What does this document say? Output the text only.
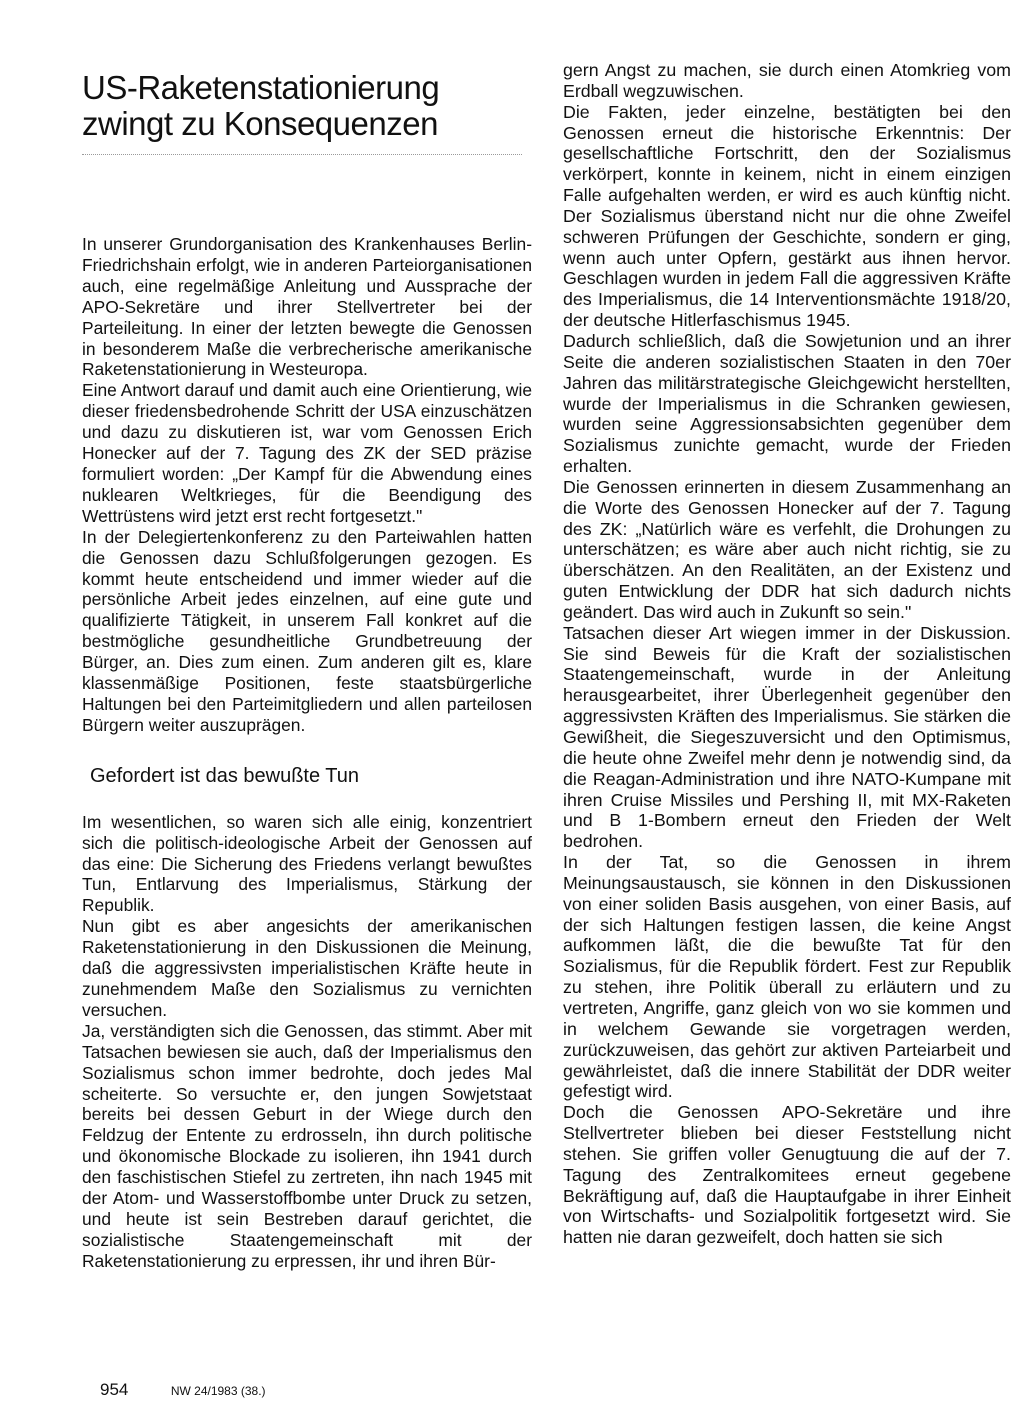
US-Raketenstationierung
zwingt zu Konsequenzen

In unserer Grundorganisation des Krankenhauses Berlin-Friedrichshain erfolgt, wie in anderen Parteiorganisationen auch, eine regelmäßige Anleitung und Aussprache der APO-Sekretäre und ihrer Stellvertreter bei der Parteileitung. In einer der letzten bewegte die Genossen in besonderem Maße die verbrecherische amerikanische Raketenstationierung in Westeuropa.

Eine Antwort darauf und damit auch eine Orientierung, wie dieser friedensbedrohende Schritt der USA einzuschätzen und dazu zu diskutieren ist, war vom Genossen Erich Honecker auf der 7. Tagung des ZK der SED präzise formuliert worden: „Der Kampf für die Abwendung eines nuklearen Weltkrieges, für die Beendigung des Wettrüstens wird jetzt erst recht fortgesetzt."

In der Delegiertenkonferenz zu den Parteiwahlen hatten die Genossen dazu Schlußfolgerungen gezogen. Es kommt heute entscheidend und immer wieder auf die persönliche Arbeit jedes einzelnen, auf eine gute und qualifizierte Tätigkeit, in unserem Fall konkret auf die bestmögliche gesundheitliche Grundbetreuung der Bürger, an. Dies zum einen. Zum anderen gilt es, klare klassenmäßige Positionen, feste staatsbürgerliche Haltungen bei den Parteimitgliedern und allen parteilosen Bürgern weiter auszuprägen.

Gefordert ist das bewußte Tun

Im wesentlichen, so waren sich alle einig, konzentriert sich die politisch-ideologische Arbeit der Genossen auf das eine: Die Sicherung des Friedens verlangt bewußtes Tun, Entlarvung des Imperialismus, Stärkung der Republik.

Nun gibt es aber angesichts der amerikanischen Raketenstationierung in den Diskussionen die Meinung, daß die aggressivsten imperialistischen Kräfte heute in zunehmendem Maße den Sozialismus zu vernichten versuchen.

Ja, verständigten sich die Genossen, das stimmt. Aber mit Tatsachen bewiesen sie auch, daß der Imperialismus den Sozialismus schon immer bedrohte, doch jedes Mal scheiterte. So versuchte er, den jungen Sowjetstaat bereits bei dessen Geburt in der Wiege durch den Feldzug der Entente zu erdrosseln, ihn durch politische und ökonomische Blockade zu isolieren, ihn 1941 durch den faschistischen Stiefel zu zertreten, ihn nach 1945 mit der Atom- und Wasserstoffbombe unter Druck zu setzen, und heute ist sein Bestreben darauf gerichtet, die sozialistische Staatengemeinschaft mit der Raketenstationierung zu erpressen, ihr und ihren Bür-

gern Angst zu machen, sie durch einen Atomkrieg vom Erdball wegzuwischen.

Die Fakten, jeder einzelne, bestätigten bei den Genossen erneut die historische Erkenntnis: Der gesellschaftliche Fortschritt, den der Sozialismus verkörpert, konnte in keinem, nicht in einem einzigen Falle aufgehalten werden, er wird es auch künftig nicht. Der Sozialismus überstand nicht nur die ohne Zweifel schweren Prüfungen der Geschichte, sondern er ging, wenn auch unter Opfern, gestärkt aus ihnen hervor. Geschlagen wurden in jedem Fall die aggressiven Kräfte des Imperialismus, die 14 Interventionsmächte 1918/20, der deutsche Hitlerfaschismus 1945.

Dadurch schließlich, daß die Sowjetunion und an ihrer Seite die anderen sozialistischen Staaten in den 70er Jahren das militärstrategische Gleichgewicht herstellten, wurde der Imperialismus in die Schranken gewiesen, wurden seine Aggressionsabsichten gegenüber dem Sozialismus zunichte gemacht, wurde der Frieden erhalten.

Die Genossen erinnerten in diesem Zusammenhang an die Worte des Genossen Honecker auf der 7. Tagung des ZK: „Natürlich wäre es verfehlt, die Drohungen zu unterschätzen; es wäre aber auch nicht richtig, sie zu überschätzen. An den Realitäten, an der Existenz und guten Entwicklung der DDR hat sich dadurch nichts geändert. Das wird auch in Zukunft so sein."

Tatsachen dieser Art wiegen immer in der Diskussion. Sie sind Beweis für die Kraft der sozialistischen Staatengemeinschaft, wurde in der Anleitung herausgearbeitet, ihrer Überlegenheit gegenüber den aggressivsten Kräften des Imperialismus. Sie stärken die Gewißheit, die Siegeszuversicht und den Optimismus, die heute ohne Zweifel mehr denn je notwendig sind, da die Reagan-Administration und ihre NATO-Kumpane mit ihren Cruise Missiles und Pershing II, mit MX-Raketen und B 1-Bombern erneut den Frieden der Welt bedrohen.

In der Tat, so die Genossen in ihrem Meinungsaustausch, sie können in den Diskussionen von einer soliden Basis ausgehen, von einer Basis, auf der sich Haltungen festigen lassen, die keine Angst aufkommen läßt, die die bewußte Tat für den Sozialismus, für die Republik fördert. Fest zur Republik zu stehen, ihre Politik überall zu erläutern und zu vertreten, Angriffe, ganz gleich von wo sie kommen und in welchem Gewande sie vorgetragen werden, zurückzuweisen, das gehört zur aktiven Parteiarbeit und gewährleistet, daß die innere Stabilität der DDR weiter gefestigt wird.

Doch die Genossen APO-Sekretäre und ihre Stellvertreter blieben bei dieser Feststellung nicht stehen. Sie griffen voller Genugtuung die auf der 7. Tagung des Zentralkomitees erneut gegebene Bekräftigung auf, daß die Hauptaufgabe in ihrer Einheit von Wirtschafts- und Sozialpolitik fortgesetzt wird. Sie hatten nie daran gezweifelt, doch hatten sie sich

954	NW 24/1983 (38.)
